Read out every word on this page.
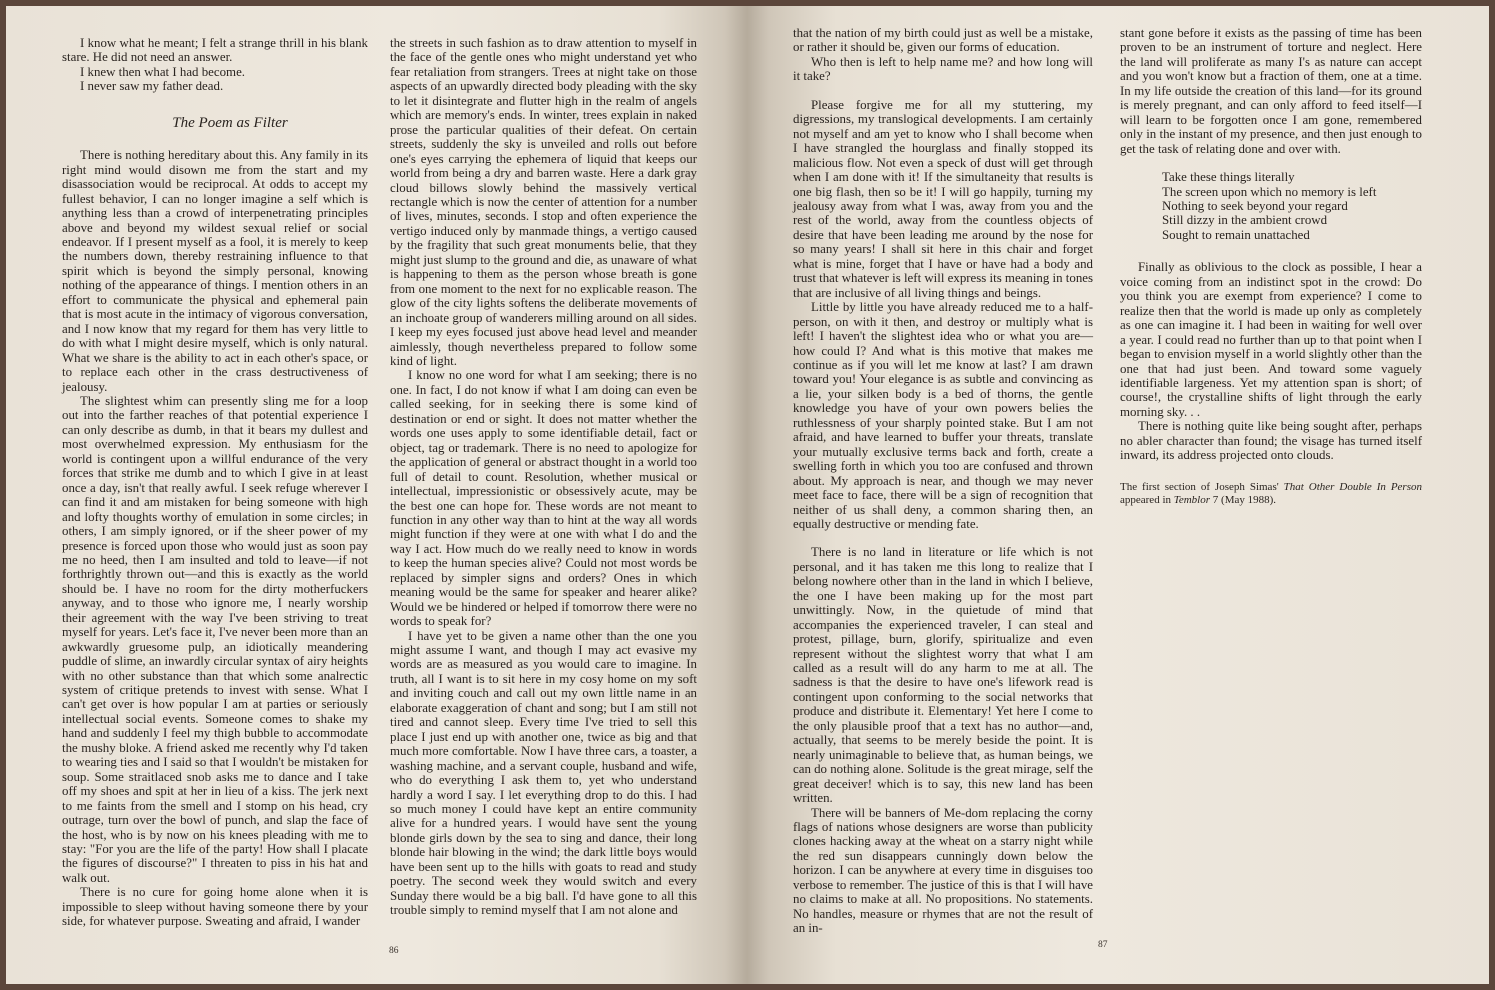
I know what he meant; I felt a strange thrill in his blank stare. He did not need an answer.

I knew then what I had become.

I never saw my father dead.

The Poem as Filter

There is nothing hereditary about this. Any family in its right mind would disown me from the start and my disassociation would be reciprocal. At odds to accept my fullest behavior, I can no longer imagine a self which is anything less than a crowd of interpenetrating principles above and beyond my wildest sexual relief or social endeavor. If I present myself as a fool, it is merely to keep the numbers down, thereby restraining influence to that spirit which is beyond the simply personal, knowing nothing of the appearance of things. I mention others in an effort to communicate the physical and ephemeral pain that is most acute in the intimacy of vigorous conversation, and I now know that my regard for them has very little to do with what I might desire myself, which is only natural. What we share is the ability to act in each other's space, or to replace each other in the crass destructiveness of jealousy.

The slightest whim can presently sling me for a loop out into the farther reaches of that potential experience I can only describe as dumb, in that it bears my dullest and most overwhelmed expression. My enthusiasm for the world is contingent upon a willful endurance of the very forces that strike me dumb and to which I give in at least once a day, isn't that really awful. I seek refuge wherever I can find it and am mistaken for being someone with high and lofty thoughts worthy of emulation in some circles; in others, I am simply ignored, or if the sheer power of my presence is forced upon those who would just as soon pay me no heed, then I am insulted and told to leave—if not forthrightly thrown out—and this is exactly as the world should be. I have no room for the dirty motherfuckers anyway, and to those who ignore me, I nearly worship their agreement with the way I've been striving to treat myself for years. Let's face it, I've never been more than an awkwardly gruesome pulp, an idiotically meandering puddle of slime, an inwardly circular syntax of airy heights with no other substance than that which some analrectic system of critique pretends to invest with sense. What I can't get over is how popular I am at parties or seriously intellectual social events. Someone comes to shake my hand and suddenly I feel my thigh bubble to accommodate the mushy bloke. A friend asked me recently why I'd taken to wearing ties and I said so that I wouldn't be mistaken for soup. Some straitlaced snob asks me to dance and I take off my shoes and spit at her in lieu of a kiss. The jerk next to me faints from the smell and I stomp on his head, cry outrage, turn over the bowl of punch, and slap the face of the host, who is by now on his knees pleading with me to stay: "For you are the life of the party! How shall I placate the figures of discourse?" I threaten to piss in his hat and walk out.

There is no cure for going home alone when it is impossible to sleep without having someone there by your side, for whatever purpose. Sweating and afraid, I wander

the streets in such fashion as to draw attention to myself in the face of the gentle ones who might understand yet who fear retaliation from strangers. Trees at night take on those aspects of an upwardly directed body pleading with the sky to let it disintegrate and flutter high in the realm of angels which are memory's ends. In winter, trees explain in naked prose the particular qualities of their defeat. On certain streets, suddenly the sky is unveiled and rolls out before one's eyes carrying the ephemera of liquid that keeps our world from being a dry and barren waste. Here a dark gray cloud billows slowly behind the massively vertical rectangle which is now the center of attention for a number of lives, minutes, seconds. I stop and often experience the vertigo induced only by manmade things, a vertigo caused by the fragility that such great monuments belie, that they might just slump to the ground and die, as unaware of what is happening to them as the person whose breath is gone from one moment to the next for no explicable reason. The glow of the city lights softens the deliberate movements of an inchoate group of wanderers milling around on all sides. I keep my eyes focused just above head level and meander aimlessly, though nevertheless prepared to follow some kind of light.

I know no one word for what I am seeking; there is no one. In fact, I do not know if what I am doing can even be called seeking, for in seeking there is some kind of destination or end or sight. It does not matter whether the words one uses apply to some identifiable detail, fact or object, tag or trademark. There is no need to apologize for the application of general or abstract thought in a world too full of detail to count. Resolution, whether musical or intellectual, impressionistic or obsessively acute, may be the best one can hope for. These words are not meant to function in any other way than to hint at the way all words might function if they were at one with what I do and the way I act. How much do we really need to know in words to keep the human species alive? Could not most words be replaced by simpler signs and orders? Ones in which meaning would be the same for speaker and hearer alike? Would we be hindered or helped if tomorrow there were no words to speak for?

I have yet to be given a name other than the one you might assume I want, and though I may act evasive my words are as measured as you would care to imagine. In truth, all I want is to sit here in my cosy home on my soft and inviting couch and call out my own little name in an elaborate exaggeration of chant and song; but I am still not tired and cannot sleep. Every time I've tried to sell this place I just end up with another one, twice as big and that much more comfortable. Now I have three cars, a toaster, a washing machine, and a servant couple, husband and wife, who do everything I ask them to, yet who understand hardly a word I say. I let everything drop to do this. I had so much money I could have kept an entire community alive for a hundred years. I would have sent the young blonde girls down by the sea to sing and dance, their long blonde hair blowing in the wind; the dark little boys would have been sent up to the hills with goats to read and study poetry. The second week they would switch and every Sunday there would be a big ball. I'd have gone to all this trouble simply to remind myself that I am not alone and

86

that the nation of my birth could just as well be a mistake, or rather it should be, given our forms of education.

Who then is left to help name me? and how long will it take?

Please forgive me for all my stuttering, my digressions, my translogical developments. I am certainly not myself and am yet to know who I shall become when I have strangled the hourglass and finally stopped its malicious flow. Not even a speck of dust will get through when I am done with it! If the simultaneity that results is one big flash, then so be it! I will go happily, turning my jealousy away from what I was, away from you and the rest of the world, away from the countless objects of desire that have been leading me around by the nose for so many years! I shall sit here in this chair and forget what is mine, forget that I have or have had a body and trust that whatever is left will express its meaning in tones that are inclusive of all living things and beings.

Little by little you have already reduced me to a half-person, on with it then, and destroy or multiply what is left! I haven't the slightest idea who or what you are—how could I? And what is this motive that makes me continue as if you will let me know at last? I am drawn toward you! Your elegance is as subtle and convincing as a lie, your silken body is a bed of thorns, the gentle knowledge you have of your own powers belies the ruthlessness of your sharply pointed stake. But I am not afraid, and have learned to buffer your threats, translate your mutually exclusive terms back and forth, create a swelling forth in which you too are confused and thrown about. My approach is near, and though we may never meet face to face, there will be a sign of recognition that neither of us shall deny, a common sharing then, an equally destructive or mending fate.

There is no land in literature or life which is not personal, and it has taken me this long to realize that I belong nowhere other than in the land in which I believe, the one I have been making up for the most part unwittingly. Now, in the quietude of mind that accompanies the experienced traveler, I can steal and protest, pillage, burn, glorify, spiritualize and even represent without the slightest worry that what I am called as a result will do any harm to me at all. The sadness is that the desire to have one's lifework read is contingent upon conforming to the social networks that produce and distribute it. Elementary! Yet here I come to the only plausible proof that a text has no author—and, actually, that seems to be merely beside the point. It is nearly unimaginable to believe that, as human beings, we can do nothing alone. Solitude is the great mirage, self the great deceiver! which is to say, this new land has been written.

There will be banners of Me-dom replacing the corny flags of nations whose designers are worse than publicity clones hacking away at the wheat on a starry night while the red sun disappears cunningly down below the horizon. I can be anywhere at every time in disguises too verbose to remember. The justice of this is that I will have no claims to make at all. No propositions. No statements. No handles, measure or rhymes that are not the result of an in-

stant gone before it exists as the passing of time has been proven to be an instrument of torture and neglect. Here the land will proliferate as many I's as nature can accept and you won't know but a fraction of them, one at a time. In my life outside the creation of this land—for its ground is merely pregnant, and can only afford to feed itself—I will learn to be forgotten once I am gone, remembered only in the instant of my presence, and then just enough to get the task of relating done and over with.

Take these things literally
The screen upon which no memory is left
Nothing to seek beyond your regard
Still dizzy in the ambient crowd
Sought to remain unattached

Finally as oblivious to the clock as possible, I hear a voice coming from an indistinct spot in the crowd: Do you think you are exempt from experience? I come to realize then that the world is made up only as completely as one can imagine it. I had been in waiting for well over a year. I could read no further than up to that point when I began to envision myself in a world slightly other than the one that had just been. And toward some vaguely identifiable largeness. Yet my attention span is short; of course!, the crystalline shifts of light through the early morning sky. . .

There is nothing quite like being sought after, perhaps no abler character than found; the visage has turned itself inward, its address projected onto clouds.

The first section of Joseph Simas' That Other Double In Person appeared in Temblor 7 (May 1988).

87
